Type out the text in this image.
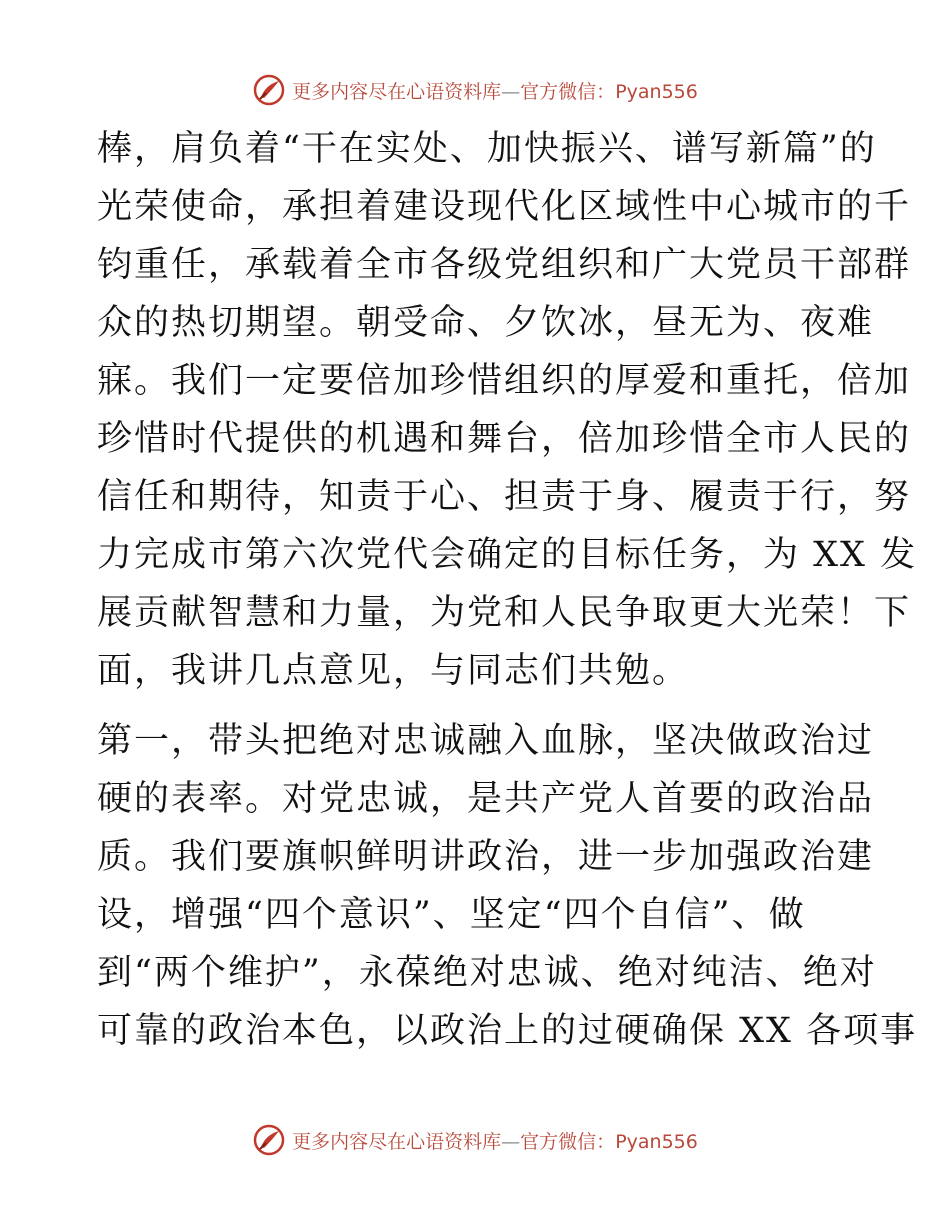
更多内容尽在心语资料库—官方微信：Pyan556
棒，肩负着“干在实处、加快振兴、谱写新篇”的
光荣使命，承担着建设现代化区域性中心城市的千
钧重任，承载着全市各级党组织和广大党员干部群
众的热切期望。朝受命、夕饮冰，昼无为、夜难
寐。我们一定要倍加珍惜组织的厚爱和重托，倍加
珍惜时代提供的机遇和舞台，倍加珍惜全市人民的
信任和期待，知责于心、担责于身、履责于行，努
力完成市第六次党代会确定的目标任务，为 XX 发
展贡献智慧和力量，为党和人民争取更大光荣！下
面，我讲几点意见，与同志们共勉。
第一，带头把绝对忠诚融入血脉，坚决做政治过
硬的表率。对党忠诚，是共产党人首要的政治品
质。我们要旗帜鲜明讲政治，进一步加强政治建
设，增强“四个意识”、坚定“四个自信”、做
到“两个维护”，永葆绝对忠诚、绝对纯洁、绝对
可靠的政治本色，以政治上的过硬确保 XX 各项事
更多内容尽在心语资料库—官方微信：Pyan556
